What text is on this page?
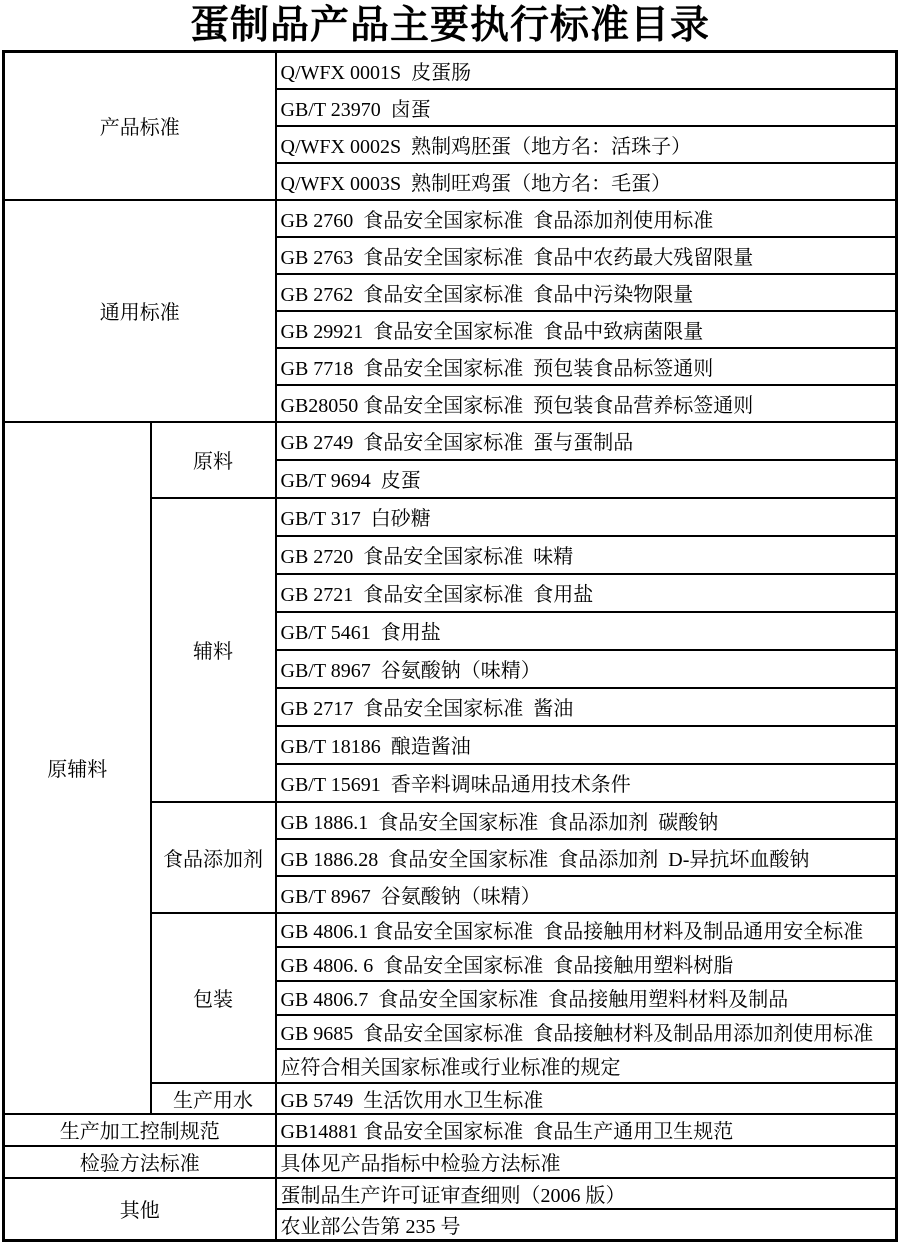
蛋制品产品主要执行标准目录
产品标准		Q/WFX 0001S  皮蛋肠
		GB/T 23970  卤蛋
		Q/WFX 0002S  熟制鸡胚蛋（地方名：活珠子）
		Q/WFX 0003S  熟制旺鸡蛋（地方名：毛蛋）
通用标准		GB 2760  食品安全国家标准  食品添加剂使用标准
		GB 2763  食品安全国家标准  食品中农药最大残留限量
		GB 2762  食品安全国家标准  食品中污染物限量
		GB 29921  食品安全国家标准  食品中致病菌限量
		GB 7718  食品安全国家标准  预包装食品标签通则
		GB28050 食品安全国家标准  预包装食品营养标签通则
原辅料	原料	GB 2749  食品安全国家标准  蛋与蛋制品
		GB/T 9694  皮蛋
	辅料	GB/T 317  白砂糖
		GB 2720  食品安全国家标准  味精
		GB 2721  食品安全国家标准  食用盐
		GB/T 5461  食用盐
		GB/T 8967  谷氨酸钠（味精）
		GB 2717  食品安全国家标准  酱油
		GB/T 18186  酿造酱油
		GB/T 15691  香辛料调味品通用技术条件
	食品添加剂	GB 1886.1  食品安全国家标准  食品添加剂  碳酸钠
		GB 1886.28  食品安全国家标准  食品添加剂  D-异抗坏血酸钠
		GB/T 8967  谷氨酸钠（味精）
	包装	GB 4806.1 食品安全国家标准  食品接触用材料及制品通用安全标准
		GB 4806. 6  食品安全国家标准  食品接触用塑料树脂
		GB 4806.7  食品安全国家标准  食品接触用塑料材料及制品
		GB 9685  食品安全国家标准  食品接触材料及制品用添加剂使用标准
		应符合相关国家标准或行业标准的规定
	生产用水	GB 5749  生活饮用水卫生标准
生产加工控制规范		GB14881 食品安全国家标准  食品生产通用卫生规范
检验方法标准		具体见产品指标中检验方法标准
其他		蛋制品生产许可证审查细则（2006 版）
		农业部公告第 235 号
